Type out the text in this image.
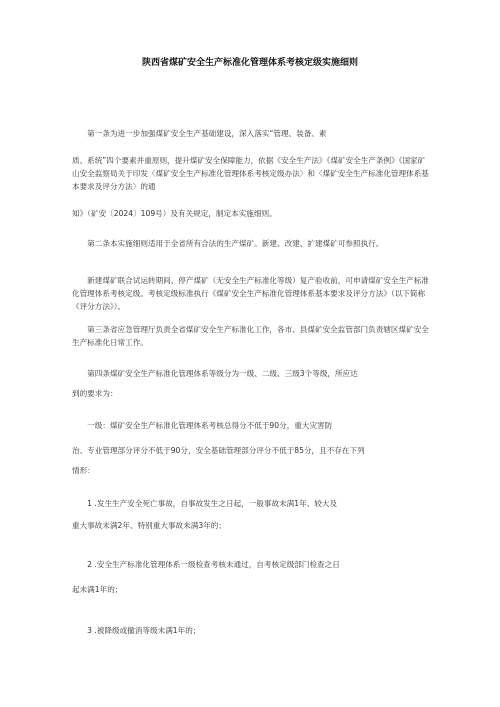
陕西省煤矿安全生产标准化管理体系考核定级实施细则

　　第一条为进一步加强煤矿安全生产基础建设，深入落实“管理、装备、素

质、系统”四个要素并重原则，提升煤矿安全保障能力，依据《安全生产法》《煤矿安全生产条例》《国家矿山安全监察局关于印发〈煤矿安全生产标准化管理体系考核定级办法〉和〈煤矿安全生产标准化管理体系基本要求及评分方法〉的通

知》（矿安〔2024〕109号）及有关规定，制定本实施细则。

　　第二条本实施细则适用于全省所有合法的生产煤矿。新建、改建、扩建煤矿可参照执行。

　　新建煤矿联合试运转期间、停产煤矿（无安全生产标准化等级）复产验收前，可申请煤矿安全生产标准化管理体系考核定级。考核定级标准执行《煤矿安全生产标准化管理体系基本要求及评分方法》（以下简称《评分方法》）。

　　第三条省应急管理厅负责全省煤矿安全生产标准化工作，各市、县煤矿安全监管部门负责辖区煤矿安全生产标准化日常工作。

　　第四条煤矿安全生产标准化管理体系等级分为一级、二级、三级3个等级，所应达

到的要求为：

　　一级：煤矿安全生产标准化管理体系考核总得分不低于90分，重大灾害防

治、专业管理部分评分不低于90分，安全基础管理部分评分不低于85分，且不存在下列

情形：

　　1 .发生生产安全死亡事故，自事故发生之日起，一般事故未满1年、较大及

重大事故未满2年、特别重大事故未满3年的；

　　2 .安全生产标准化管理体系一级检查考核未通过，自考核定级部门检查之日

起未满1年的；

　　3 .被降级或撤消等级未满1年的；
